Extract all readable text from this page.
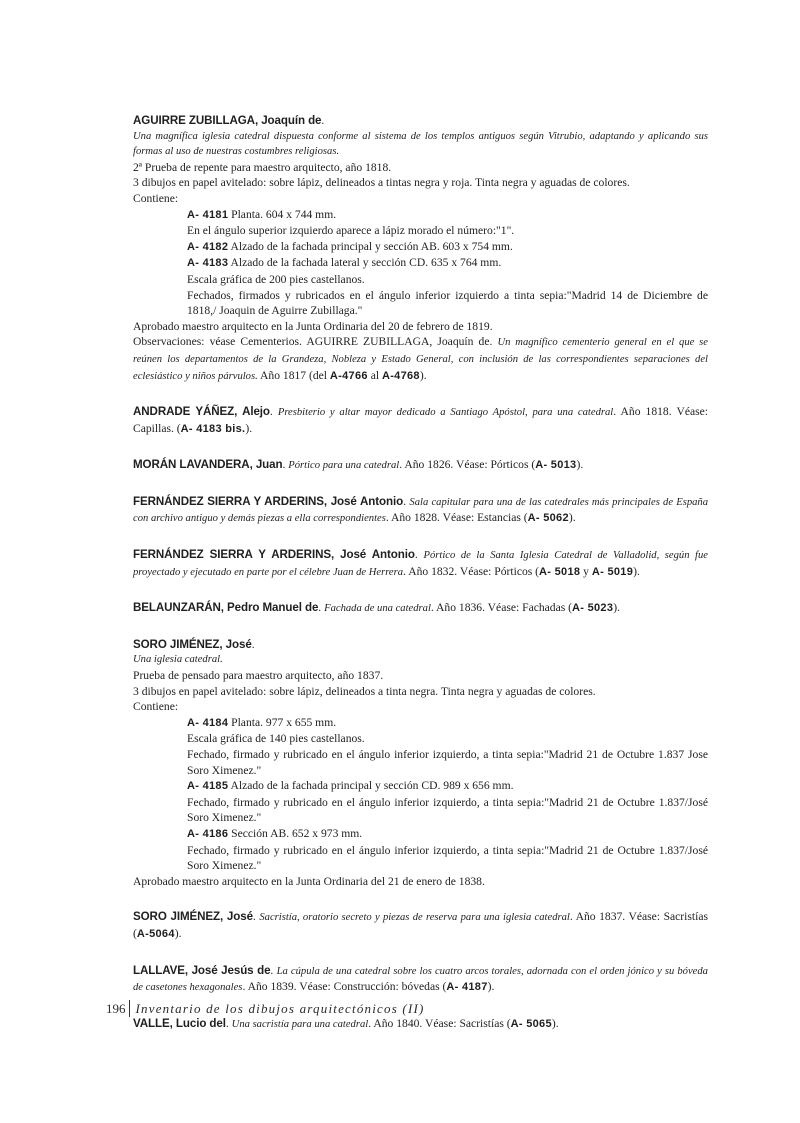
AGUIRRE ZUBILLAGA, Joaquín de.

Una magnífica iglesia catedral dispuesta conforme al sistema de los templos antiguos según Vitrubio, adaptando y aplicando sus formas al uso de nuestras costumbres religiosas.

2ª Prueba de repente para maestro arquitecto, año 1818.

3 dibujos en papel avitelado: sobre lápiz, delineados a tintas negra y roja. Tinta negra y aguadas de colores.

Contiene:

A- 4181 Planta. 604 x 744 mm.

En el ángulo superior izquierdo aparece a lápiz morado el número:"1".

A- 4182 Alzado de la fachada principal y sección AB. 603 x 754 mm.

A- 4183 Alzado de la fachada lateral y sección CD. 635 x 764 mm.

Escala gráfica de 200 pies castellanos.

Fechados, firmados y rubricados en el ángulo inferior izquierdo a tinta sepia:"Madrid 14 de Diciembre de 1818,/ Joaquin de Aguirre Zubillaga."

Aprobado maestro arquitecto en la Junta Ordinaria del 20 de febrero de 1819.

Observaciones: véase Cementerios. AGUIRRE ZUBILLAGA, Joaquín de. Un magnífico cementerio general en el que se reúnen los departamentos de la Grandeza, Nobleza y Estado General, con inclusión de las correspondientes separaciones del eclesiástico y niños párvulos. Año 1817 (del A-4766 al A-4768).

ANDRADE YÁÑEZ, Alejo. Presbiterio y altar mayor dedicado a Santiago Apóstol, para una catedral. Año 1818. Véase: Capillas. (A- 4183 bis.).

MORÁN LAVANDERA, Juan. Pórtico para una catedral. Año 1826. Véase: Pórticos (A- 5013).

FERNÁNDEZ SIERRA Y ARDERINS, José Antonio. Sala capitular para una de las catedrales más principales de España con archivo antiguo y demás piezas a ella correspondientes. Año 1828. Véase: Estancias (A- 5062).

FERNÁNDEZ SIERRA Y ARDERINS, José Antonio. Pórtico de la Santa Iglesia Catedral de Valladolid, según fue proyectado y ejecutado en parte por el célebre Juan de Herrera. Año 1832. Véase: Pórticos (A- 5018 y A- 5019).

BELAUNZARÁN, Pedro Manuel de. Fachada de una catedral. Año 1836. Véase: Fachadas (A- 5023).

SORO JIMÉNEZ, José.

Una iglesia catedral.

Prueba de pensado para maestro arquitecto, año 1837.

3 dibujos en papel avitelado: sobre lápiz, delineados a tinta negra. Tinta negra y aguadas de colores.

Contiene:

A- 4184 Planta. 977 x 655 mm.

Escala gráfica de 140 pies castellanos.

Fechado, firmado y rubricado en el ángulo inferior izquierdo, a tinta sepia:"Madrid 21 de Octubre 1.837 Jose Soro Ximenez."

A- 4185 Alzado de la fachada principal y sección CD. 989 x 656 mm.

Fechado, firmado y rubricado en el ángulo inferior izquierdo, a tinta sepia:"Madrid 21 de Octubre 1.837/José Soro Ximenez."

A- 4186 Sección AB. 652 x 973 mm.

Fechado, firmado y rubricado en el ángulo inferior izquierdo, a tinta sepia:"Madrid 21 de Octubre 1.837/José Soro Ximenez."

Aprobado maestro arquitecto en la Junta Ordinaria del 21 de enero de 1838.

SORO JIMÉNEZ, José. Sacristía, oratorio secreto y piezas de reserva para una iglesia catedral. Año 1837. Véase: Sacristías (A-5064).

LALLAVE, José Jesús de. La cúpula de una catedral sobre los cuatro arcos torales, adornada con el orden jónico y su bóveda de casetones hexagonales. Año 1839. Véase: Construcción: bóvedas (A- 4187).

VALLE, Lucio del. Una sacristía para una catedral. Año 1840. Véase: Sacristías (A- 5065).

196 Inventario de los dibujos arquitectónicos (II)
